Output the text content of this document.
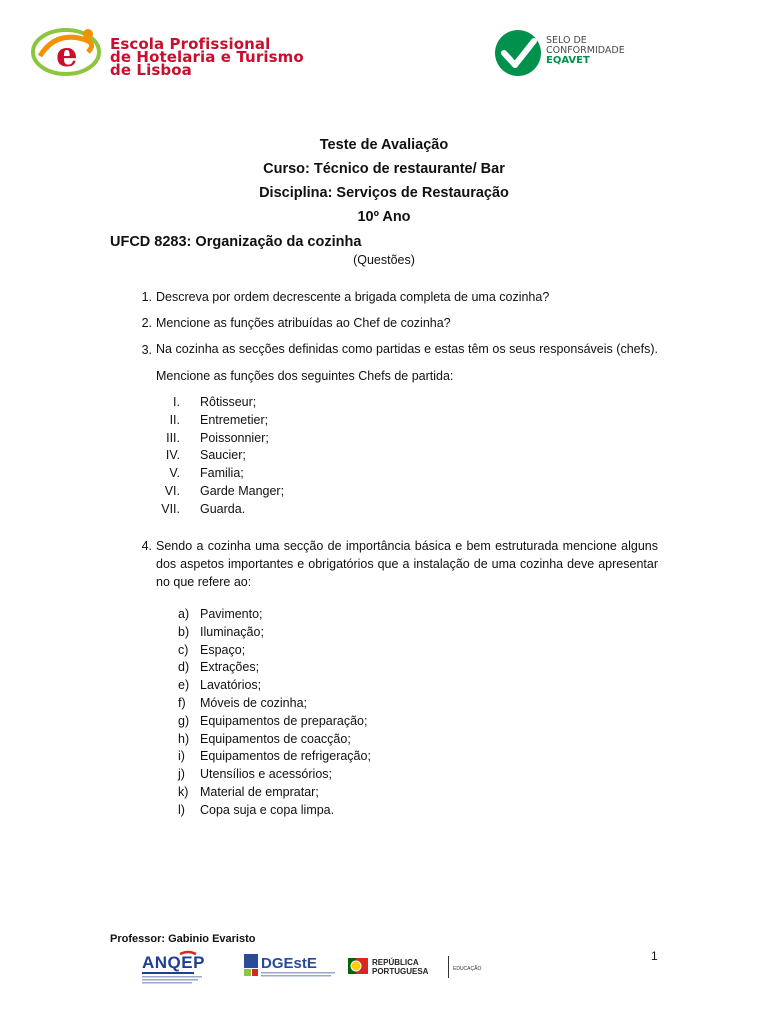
e Escola Profissional
de Hotelaria e Turismo
de Lisboa
SELO DE
CONFORMIDADE
EQAVET
Teste de Avaliação
Curso: Técnico de restaurante/ Bar
Disciplina: Serviços de Restauração
10º Ano
UFCD 8283: Organização da cozinha
(Questões)
1. Descreva por ordem decrescente a brigada completa de uma cozinha?
2. Mencione as funções atribuídas ao Chef de cozinha?
3. Na cozinha as secções definidas como partidas e estas têm os seus responsáveis (chefs). Mencione as funções dos seguintes Chefs de partida:
I. Rôtisseur;
II. Entremetier;
III. Poissonnier;
IV. Saucier;
V. Familia;
VI. Garde Manger;
VII. Guarda.
4. Sendo a cozinha uma secção de importância básica e bem estruturada mencione alguns dos aspetos importantes e obrigatórios que a instalação de uma cozinha deve apresentar no que refere ao:
a) Pavimento;
b) Iluminação;
c) Espaço;
d) Extrações;
e) Lavatórios;
f) Móveis de cozinha;
g) Equipamentos de preparação;
h) Equipamentos de coacção;
i) Equipamentos de refrigeração;
j) Utensílios e acessórios;
k) Material de empratar;
l) Copa suja e copa limpa.
Professor: Gabinio Evaristo
1
ANQEP	DGEstE	REPÚBLICA
PORTUGUESA	EDUCAÇÃO
